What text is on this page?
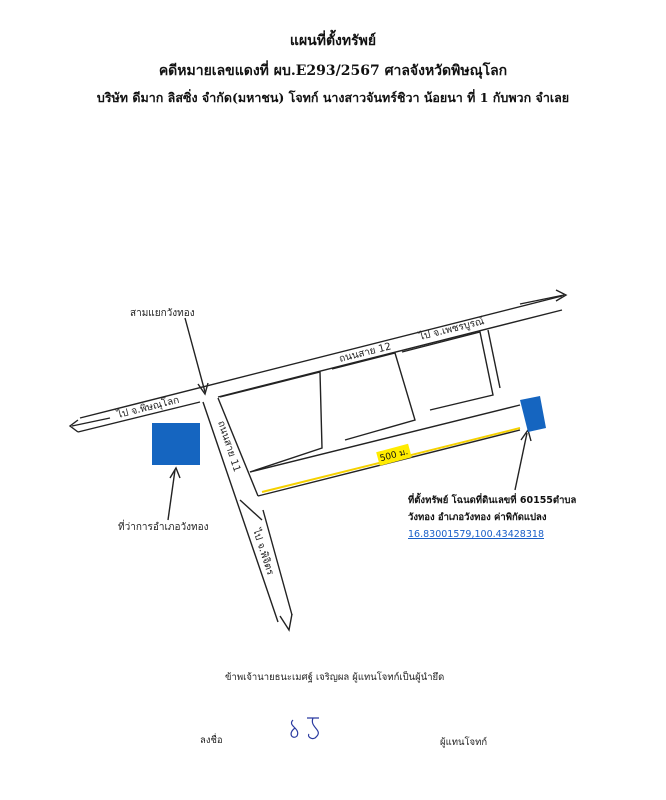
แผนที่ตั้งทรัพย์
คดีหมายเลขแดงที่ ผบ.E293/2567 ศาลจังหวัดพิษณุโลก
บริษัท ดีมาก ลิสซิ่ง จำกัด(มหาชน) โจทก์ นางสาวจันทร์ชิวา น้อยนา ที่ 1 กับพวก จำเลย
สามแยกวังทอง
ไป จ.พิษณุโลก
ไป จ.เพชรบูรณ์
ถนนสาย 12
ถนนสาย 11
ไป จ.พิจิตร
ที่ว่าการอำเภอวังทอง
500 ม.
ที่ตั้งทรัพย์ โฉนดที่ดินเลขที่ 60155ตำบล
วังทอง อำเภอวังทอง ค่าพิกัดแปลง
16.83001579,100.43428318
ข้าพเจ้านายธนะเมศฐ์ เจริญผล ผู้แทนโจทก์เป็นผู้นำยึด
ลงชื่อ	ผู้แทนโจทก์
